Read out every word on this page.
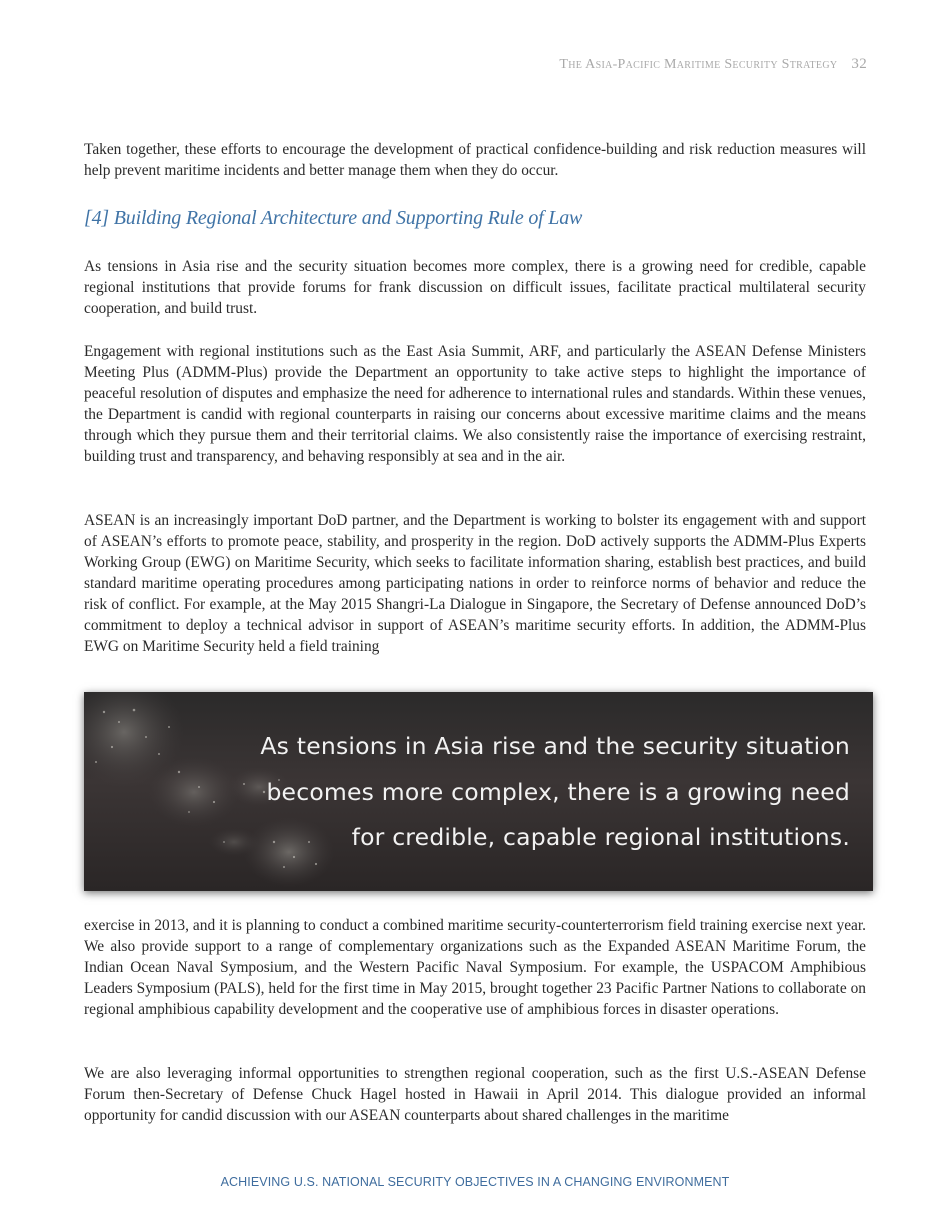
The Asia-Pacific Maritime Security Strategy 32

Taken together, these efforts to encourage the development of practical confidence-building and risk reduction measures will help prevent maritime incidents and better manage them when they do occur.

[4] Building Regional Architecture and Supporting Rule of Law

As tensions in Asia rise and the security situation becomes more complex, there is a growing need for credible, capable regional institutions that provide forums for frank discussion on difficult issues, facilitate practical multilateral security cooperation, and build trust.

Engagement with regional institutions such as the East Asia Summit, ARF, and particularly the ASEAN Defense Ministers Meeting Plus (ADMM-Plus) provide the Department an opportunity to take active steps to highlight the importance of peaceful resolution of disputes and emphasize the need for adherence to international rules and standards. Within these venues, the Department is candid with regional counterparts in raising our concerns about excessive maritime claims and the means through which they pursue them and their territorial claims. We also consistently raise the importance of exercising restraint, building trust and transparency, and behaving responsibly at sea and in the air.

ASEAN is an increasingly important DoD partner, and the Department is working to bolster its engagement with and support of ASEAN’s efforts to promote peace, stability, and prosperity in the region. DoD actively supports the ADMM-Plus Experts Working Group (EWG) on Maritime Security, which seeks to facilitate information sharing, establish best practices, and build standard maritime operating procedures among participating nations in order to reinforce norms of behavior and reduce the risk of conflict. For example, at the May 2015 Shangri-La Dialogue in Singapore, the Secretary of Defense announced DoD’s commitment to deploy a technical advisor in support of ASEAN’s maritime security efforts. In addition, the ADMM-Plus EWG on Maritime Security held a field training

As tensions in Asia rise and the security situation
becomes more complex, there is a growing need
for credible, capable regional institutions.

exercise in 2013, and it is planning to conduct a combined maritime security-counterterrorism field training exercise next year. We also provide support to a range of complementary organizations such as the Expanded ASEAN Maritime Forum, the Indian Ocean Naval Symposium, and the Western Pacific Naval Symposium. For example, the USPACOM Amphibious Leaders Symposium (PALS), held for the first time in May 2015, brought together 23 Pacific Partner Nations to collaborate on regional amphibious capability development and the cooperative use of amphibious forces in disaster operations.

We are also leveraging informal opportunities to strengthen regional cooperation, such as the first U.S.-ASEAN Defense Forum then-Secretary of Defense Chuck Hagel hosted in Hawaii in April 2014. This dialogue provided an informal opportunity for candid discussion with our ASEAN counterparts about shared challenges in the maritime

ACHIEVING U.S. NATIONAL SECURITY OBJECTIVES IN A CHANGING ENVIRONMENT
